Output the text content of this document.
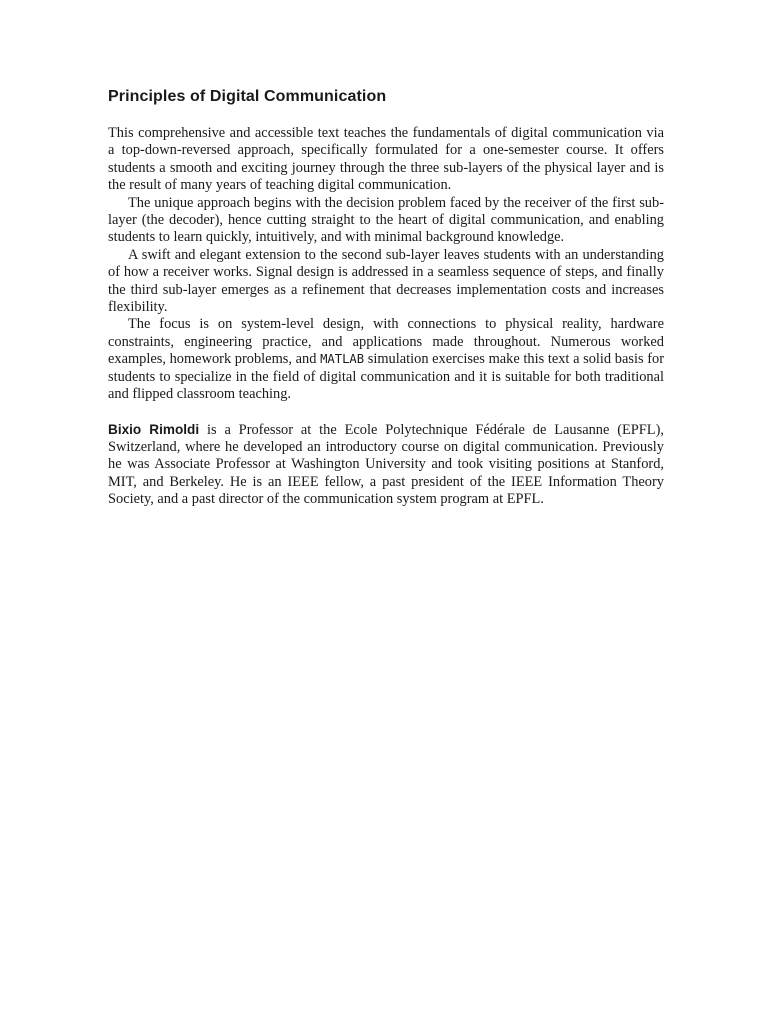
Principles of Digital Communication

This comprehensive and accessible text teaches the fundamentals of digital communication via a top-down-reversed approach, specifically formulated for a one-semester course. It offers students a smooth and exciting journey through the three sub-layers of the physical layer and is the result of many years of teaching digital communication.

The unique approach begins with the decision problem faced by the receiver of the first sub-layer (the decoder), hence cutting straight to the heart of digital communication, and enabling students to learn quickly, intuitively, and with minimal background knowledge.

A swift and elegant extension to the second sub-layer leaves students with an understanding of how a receiver works. Signal design is addressed in a seamless sequence of steps, and finally the third sub-layer emerges as a refinement that decreases implementation costs and increases flexibility.

The focus is on system-level design, with connections to physical reality, hardware constraints, engineering practice, and applications made throughout. Numerous worked examples, homework problems, and MATLAB simulation exercises make this text a solid basis for students to specialize in the field of digital communication and it is suitable for both traditional and flipped classroom teaching.

Bixio Rimoldi is a Professor at the Ecole Polytechnique Fédérale de Lausanne (EPFL), Switzerland, where he developed an introductory course on digital communication. Previously he was Associate Professor at Washington University and took visiting positions at Stanford, MIT, and Berkeley. He is an IEEE fellow, a past president of the IEEE Information Theory Society, and a past director of the communication system program at EPFL.
